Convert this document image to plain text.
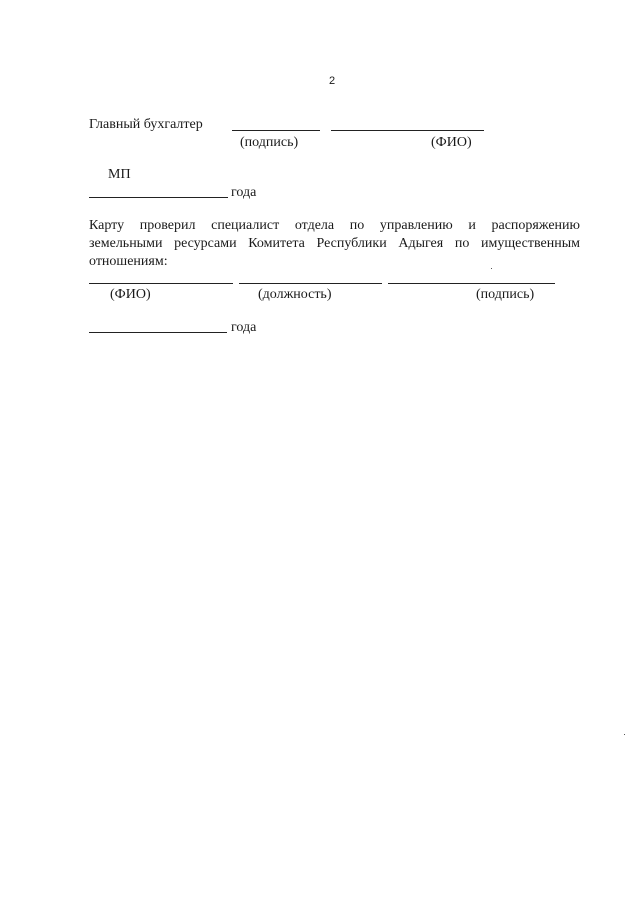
2
Главный бухгалтер
(подпись)	(ФИО)
МП
года
Карту проверил специалист отдела по управлению и распоряжению
земельными ресурсами Комитета Республики Адыгея по имущественным
отношениям:
(ФИО)	(должность)	(подпись)
года
